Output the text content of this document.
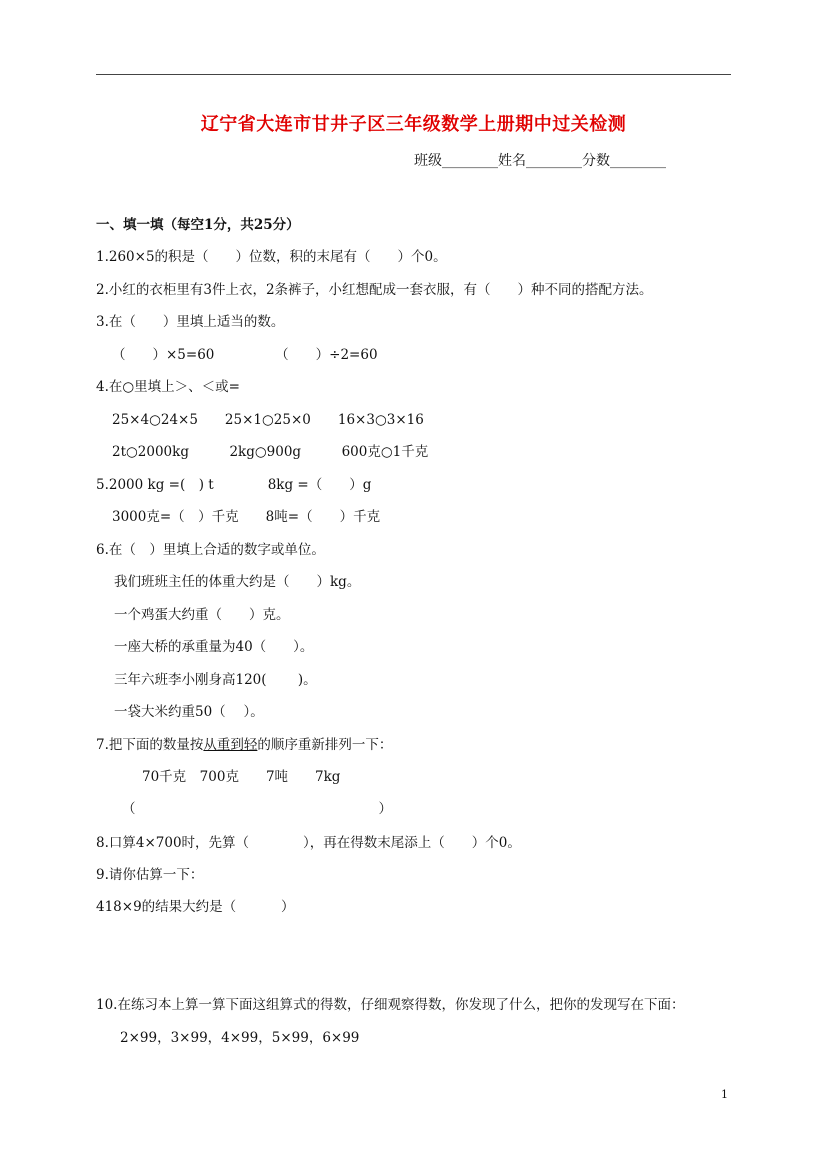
辽宁省大连市甘井子区三年级数学上册期中过关检测
班级________姓名________分数________
一、填一填（每空1分，共25分）
1.260×5的积是（　　）位数，积的末尾有（　　）个0。
2.小红的衣柜里有3件上衣，2条裤子，小红想配成一套衣服，有（　　）种不同的搭配方法。
3.在（　　）里填上适当的数。
（　　）×5=60　　　　　（　　）÷2=60
4.在○里填上＞、＜或=
25×4○24×5　　25×1○25×0　　16×3○3×16
2t○2000kg　　　2kg○900g　　　600克○1千克
5.2000 kg =(　) t　　　　8kg =（　　）g
3000克=（　）千克　　8吨=（　　）千克
6.在（　）里填上合适的数字或单位。
我们班班主任的体重大约是（　　）kg。
一个鸡蛋大约重（　　）克。
一座大桥的承重量为40（　　）。
三年六班李小刚身高120(　　 )。
一袋大米约重50（　 ）。
7.把下面的数量按从重到轻的顺序重新排列一下：
70千克　700克　　7吨　　7kg
（　　　　　　　　　　　　　　　　　　）
8.口算4×700时，先算（　　　　），再在得数末尾添上（　　）个0。
9.请你估算一下：
418×9的结果大约是（　　　 ）
10.在练习本上算一算下面这组算式的得数，仔细观察得数，你发现了什么，把你的发现写在下面：
2×99，3×99，4×99，5×99，6×99
1
